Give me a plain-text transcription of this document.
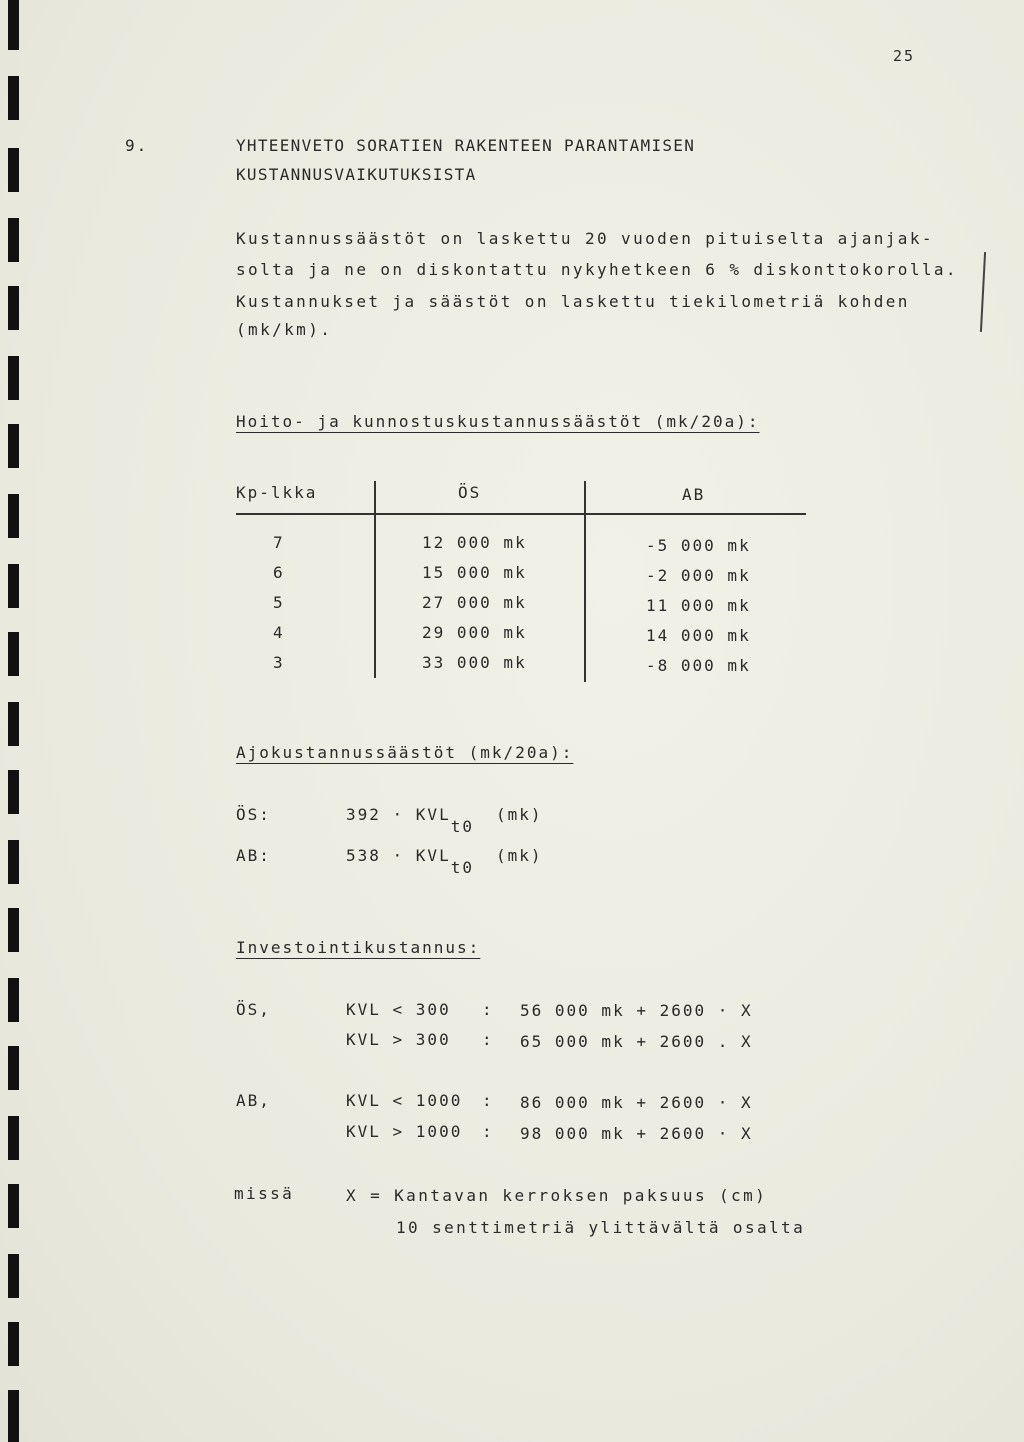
25
9.	YHTEENVETO SORATIEN RAKENTEEN PARANTAMISEN
KUSTANNUSVAIKUTUKSISTA
Kustannussäästöt on laskettu 20 vuoden pituiselta ajanjak-
solta ja ne on diskontattu nykyhetkeen 6 % diskonttokorolla.
Kustannukset ja säästöt on laskettu tiekilometriä kohden
(mk/km).
Hoito- ja kunnostuskustannussäästöt (mk/20a):
Kp-lkka	ÖS	AB
7	12 000 mk	-5 000 mk
6	15 000 mk	-2 000 mk
5	27 000 mk	11 000 mk
4	29 000 mk	14 000 mk
3	33 000 mk	-8 000 mk
Ajokustannussäästöt (mk/20a):
ÖS:	392 · KVLt0
(mk)
AB:	538 · KVLt0
(mk)
Investointikustannus:
ÖS,	KVL < 300 : 56 000 mk + 2600 · X
KVL > 300 : 65 000 mk + 2600 . X
AB,	KVL < 1000 : 86 000 mk + 2600 · X
KVL > 1000 : 98 000 mk + 2600 · X
missä	X = Kantavan kerroksen paksuus (cm)
10 senttimetriä ylittävältä osalta
